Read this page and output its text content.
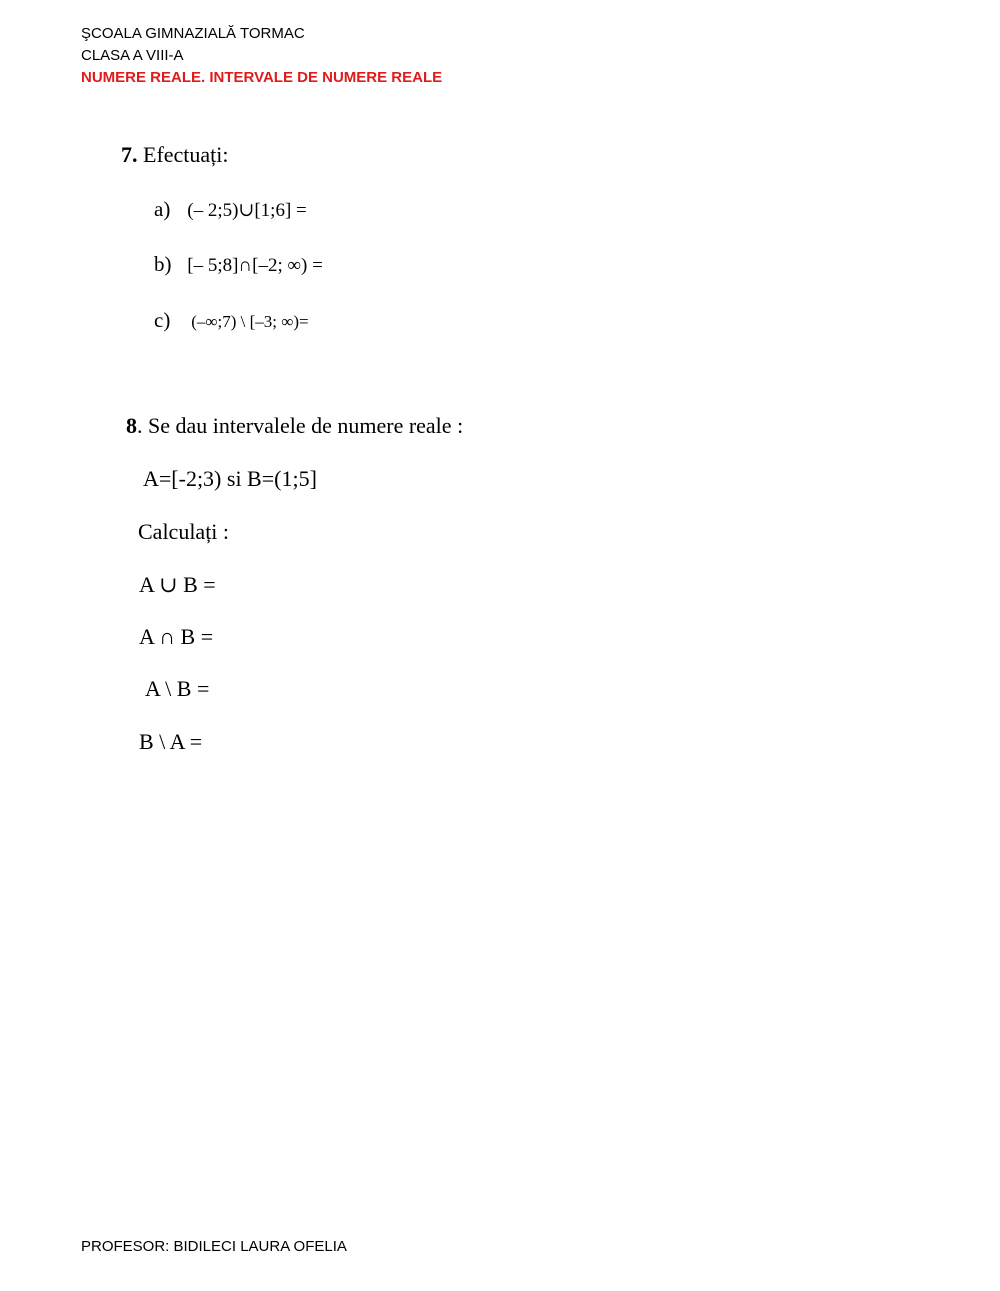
ŞCOALA GIMNAZIALĂ TORMAC
CLASA A VIII-A
NUMERE REALE. INTERVALE DE NUMERE REALE
7. Efectuați:
a) (– 2;5)∪[1;6] =
b) [– 5;8]∩[–2; ∞) =
c) (–∞;7) \ [–3; ∞)=
8. Se dau intervalele de numere reale :
A=[-2;3) si B=(1;5]
Calculați :
A ∪ B =
A ∩ B =
A \ B =
B \ A =
PROFESOR: BIDILECI LAURA OFELIA
